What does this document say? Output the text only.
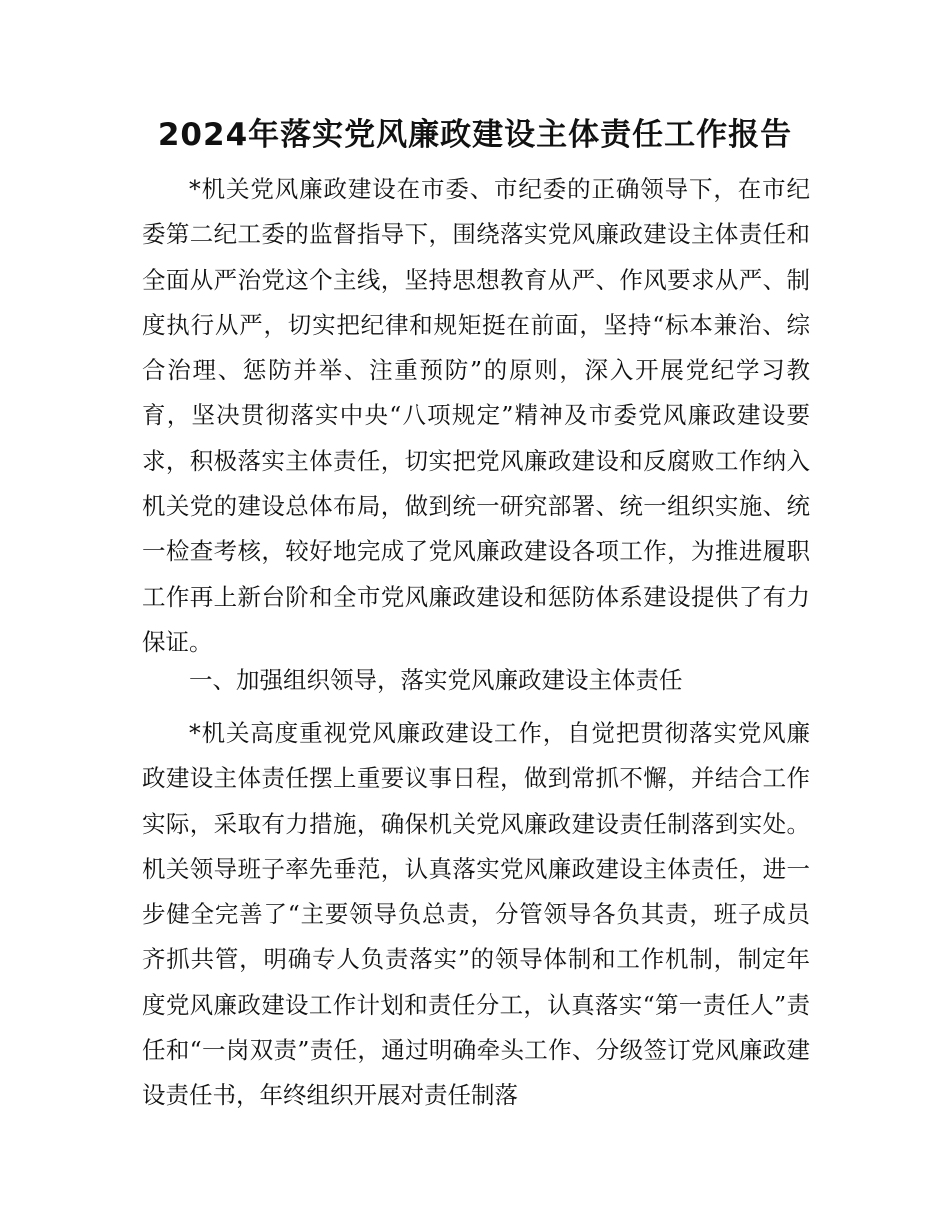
2024年落实党风廉政建设主体责任工作报告

*机关党风廉政建设在市委、市纪委的正确领导下，在市纪委第二纪工委的监督指导下，围绕落实党风廉政建设主体责任和全面从严治党这个主线，坚持思想教育从严、作风要求从严、制度执行从严，切实把纪律和规矩挺在前面，坚持“标本兼治、综合治理、惩防并举、注重预防”的原则，深入开展党纪学习教育，坚决贯彻落实中央“八项规定”精神及市委党风廉政建设要求，积极落实主体责任，切实把党风廉政建设和反腐败工作纳入机关党的建设总体布局，做到统一研究部署、统一组织实施、统一检查考核，较好地完成了党风廉政建设各项工作，为推进履职工作再上新台阶和全市党风廉政建设和惩防体系建设提供了有力保证。

一、加强组织领导，落实党风廉政建设主体责任

*机关高度重视党风廉政建设工作，自觉把贯彻落实党风廉政建设主体责任摆上重要议事日程，做到常抓不懈，并结合工作实际，采取有力措施，确保机关党风廉政建设责任制落到实处。机关领导班子率先垂范，认真落实党风廉政建设主体责任，进一步健全完善了“主要领导负总责，分管领导各负其责，班子成员齐抓共管，明确专人负责落实”的领导体制和工作机制，制定年度党风廉政建设工作计划和责任分工，认真落实“第一责任人”责任和“一岗双责”责任，通过明确牵头工作、分级签订党风廉政建设责任书，年终组织开展对责任制落
